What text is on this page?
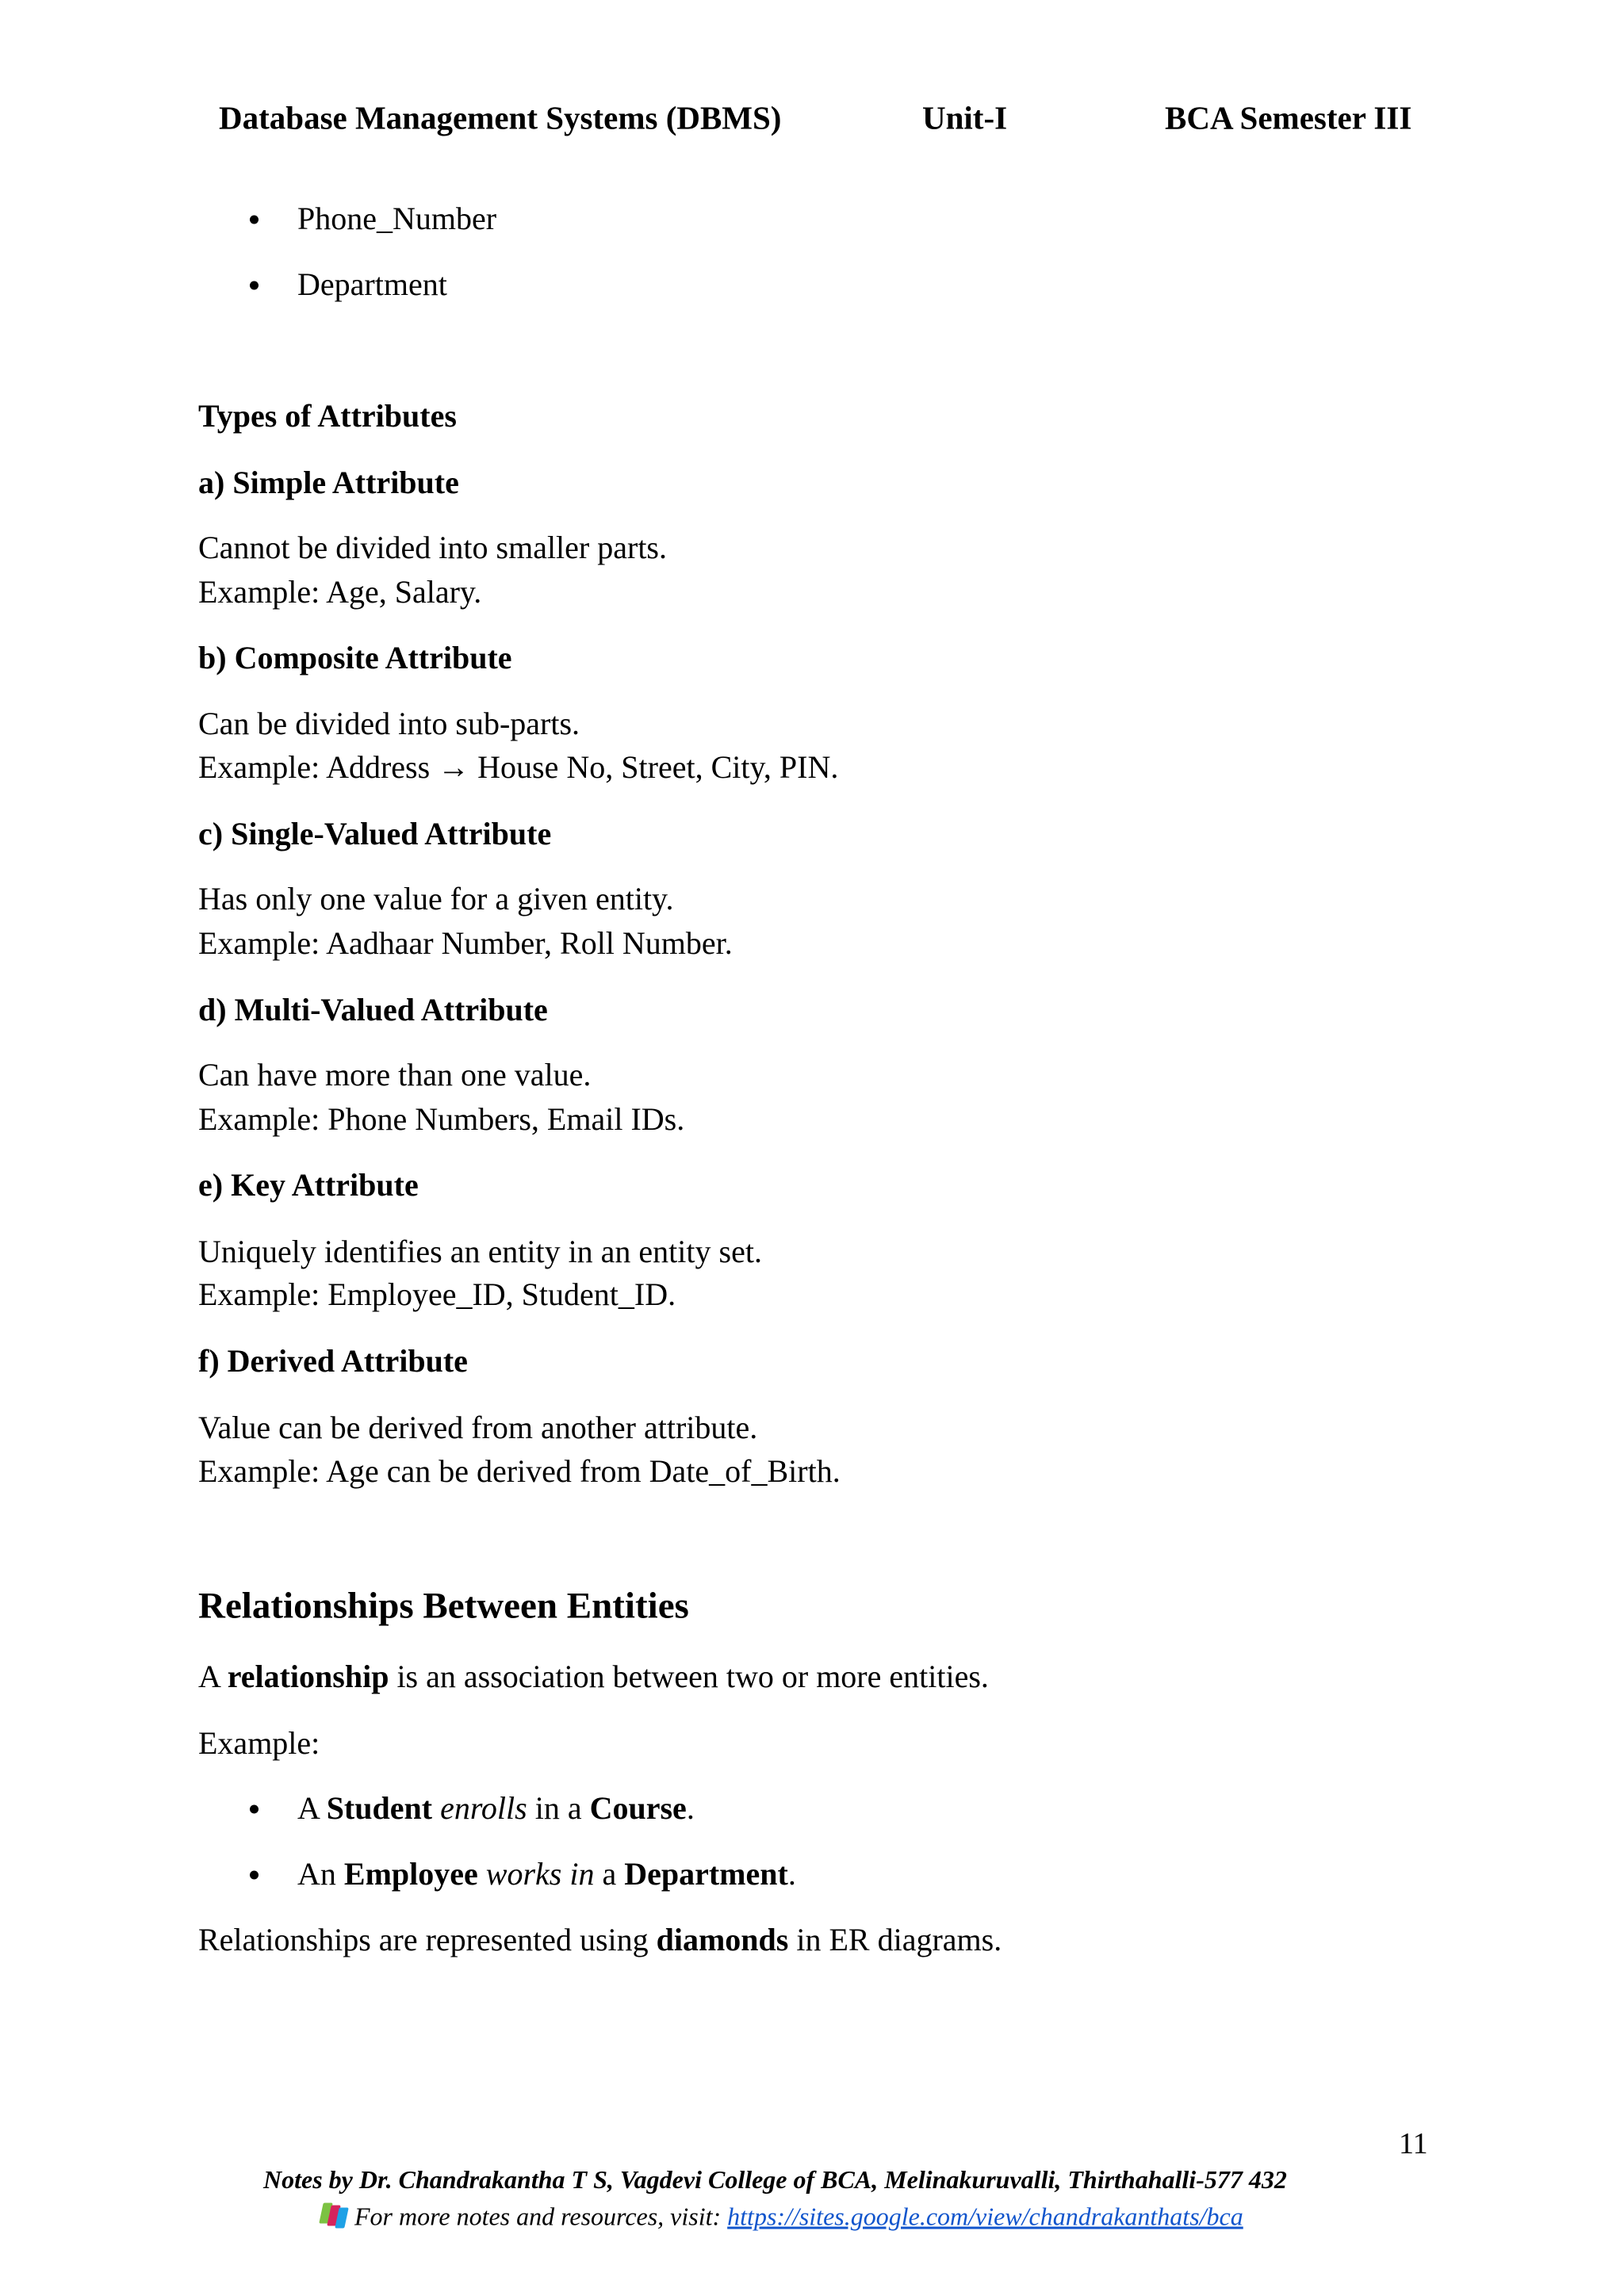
Database Management Systems (DBMS)	Unit-I	BCA Semester III
Phone_Number
Department
Types of Attributes
a) Simple Attribute
Cannot be divided into smaller parts.
Example: Age, Salary.
b) Composite Attribute
Can be divided into sub-parts.
Example: Address → House No, Street, City, PIN.
c) Single-Valued Attribute
Has only one value for a given entity.
Example: Aadhaar Number, Roll Number.
d) Multi-Valued Attribute
Can have more than one value.
Example: Phone Numbers, Email IDs.
e) Key Attribute
Uniquely identifies an entity in an entity set.
Example: Employee_ID, Student_ID.
f) Derived Attribute
Value can be derived from another attribute.
Example: Age can be derived from Date_of_Birth.
Relationships Between Entities
A relationship is an association between two or more entities.
Example:
A Student enrolls in a Course.
An Employee works in a Department.
Relationships are represented using diamonds in ER diagrams.
11
Notes by Dr. Chandrakantha T S, Vagdevi College of BCA, Melinakuruvalli, Thirthahalli-577 432
For more notes and resources, visit: https://sites.google.com/view/chandrakanthats/bca
